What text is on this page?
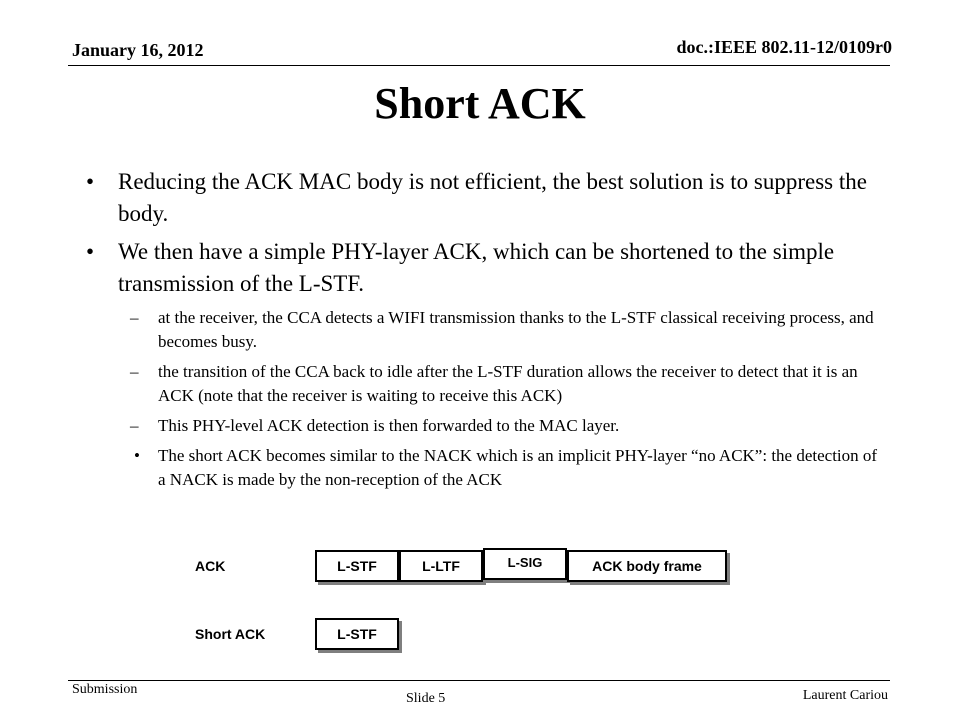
January 16, 2012	doc.:IEEE 802.11-12/0109r0
Short ACK
• Reducing the ACK MAC body is not efficient, the best solution is to suppress the body.
• We then have a simple PHY-layer ACK, which can be shortened to the simple transmission of the L-STF.
– at the receiver, the CCA detects a WIFI transmission thanks to the L-STF classical receiving process, and becomes busy.
– the transition of the CCA back to idle after the L-STF duration allows the receiver to detect that it is an ACK (note that the receiver is waiting to receive this ACK)
– This PHY-level ACK detection is then forwarded to the MAC layer.
• The short ACK becomes similar to the NACK which is an implicit PHY-layer “no ACK”: the detection of a NACK is made by the non-reception of the ACK
ACK	L-STF	L-LTF	L-SIG	ACK body frame
Short ACK	L-STF
Submission
Slide 5	Laurent Cariou
